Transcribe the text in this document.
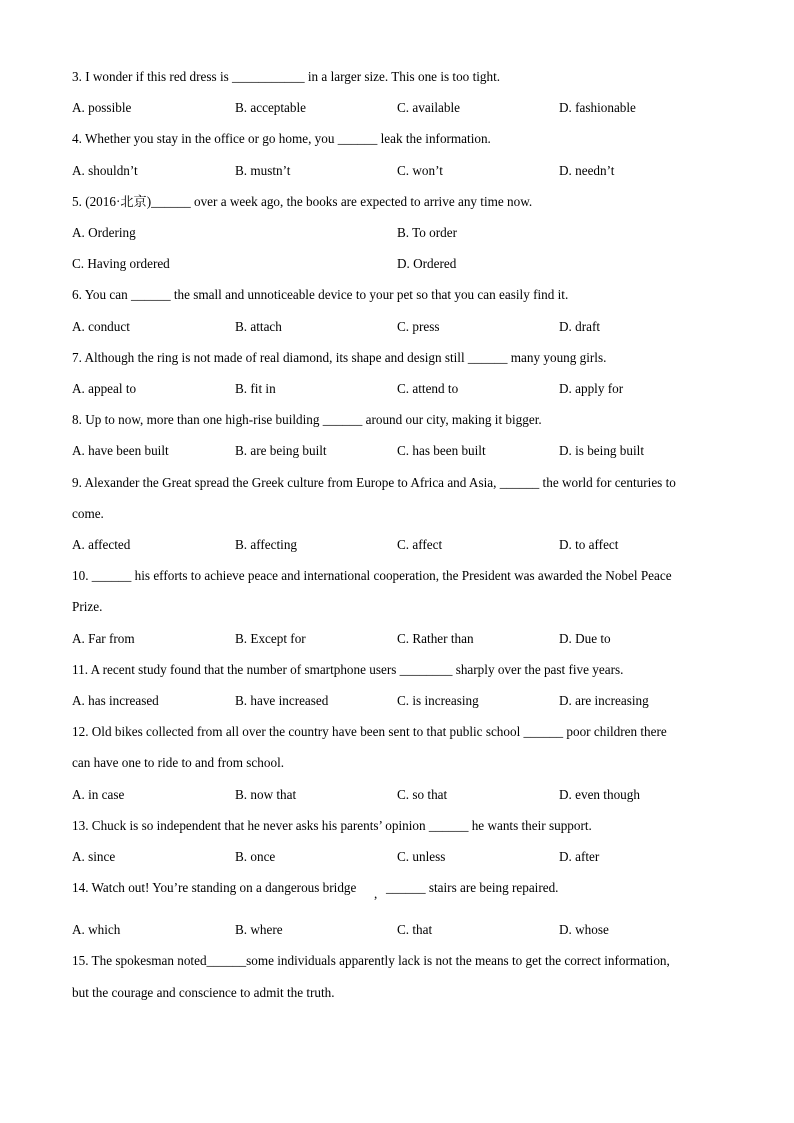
3. I wonder if this red dress is ___________ in a larger size. This one is too tight.
A. possible	B. acceptable	C. available	D. fashionable
4. Whether you stay in the office or go home, you ______ leak the information.
A. shouldn’t	B. mustn’t	C. won’t	D. needn’t
5. (2016·北京)______ over a week ago, the books are expected to arrive any time now.
A. Ordering	B. To order
C. Having ordered	D. Ordered
6. You can ______ the small and unnoticeable device to your pet so that you can easily find it.
A. conduct	B. attach	C. press	D. draft
7. Although the ring is not made of real diamond, its shape and design still ______ many young girls.
A. appeal to	B. fit in	C. attend to	D. apply for
8. Up to now, more than one high-rise building ______ around our city, making it bigger.
A. have been built	B. are being built	C. has been built	D. is being built
9. Alexander the Great spread the Greek culture from Europe to Africa and Asia, ______ the world for centuries to
come.
A. affected	B. affecting	C. affect	D. to affect
10. ______ his efforts to achieve peace and international cooperation, the President was awarded the Nobel Peace
Prize.
A. Far from	B. Except for	C. Rather than	D. Due to
11. A recent study found that the number of smartphone users ________ sharply over the past five years.
A. has increased	B. have increased	C. is increasing	D. are increasing
12. Old bikes collected from all over the country have been sent to that public school ______ poor children there
can have one to ride to and from school.
A. in case	B. now that	C. so that	D. even though
13. Chuck is so independent that he never asks his parents’ opinion ______ he wants their support.
A. since	B. once	C. unless	D. after
14. Watch out! You’re standing on a dangerous bridge , ______ stairs are being repaired.
A. which	B. where	C. that	D. whose
15. The spokesman noted______some individuals apparently lack is not the means to get the correct information,
but the courage and conscience to admit the truth.
